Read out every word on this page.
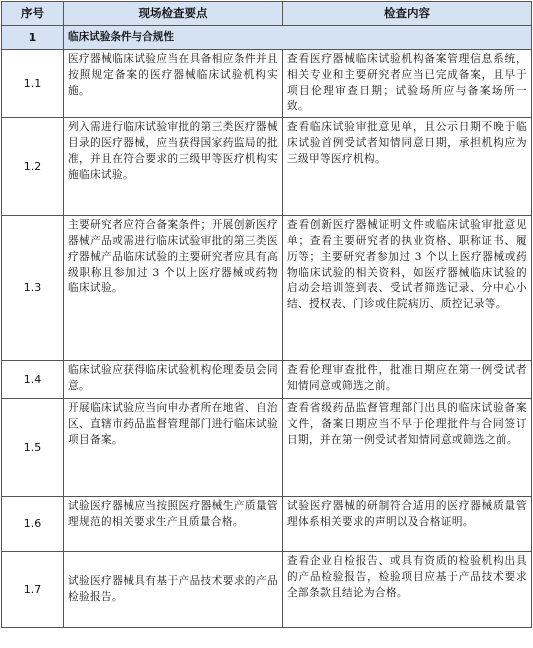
序号	现场检查要点	检查内容
1	临床试验条件与合规性	
1.1	医疗器械临床试验应当在具备相应条件并且按照规定备案的医疗器械临床试验机构实施。	查看医疗器械临床试验机构备案管理信息系统，相关专业和主要研究者应当已完成备案，且早于项目伦理审查日期；试验场所应与备案场所一致。
1.2	列入需进行临床试验审批的第三类医疗器械目录的医疗器械，应当获得国家药监局的批准，并且在符合要求的三级甲等医疗机构实施临床试验。	查看临床试验审批意见单，且公示日期不晚于临床试验首例受试者知情同意日期，承担机构应为三级甲等医疗机构。
1.3	主要研究者应符合备案条件；开展创新医疗器械产品或需进行临床试验审批的第三类医疗器械产品临床试验的主要研究者应具有高级职称且参加过 3 个以上医疗器械或药物临床试验。	查看创新医疗器械证明文件或临床试验审批意见单；查看主要研究者的执业资格、职称证书、履历等；主要研究者参加过 3 个以上医疗器械或药物临床试验的相关资料，如医疗器械临床试验的启动会培训签到表、受试者筛选记录、分中心小结、授权表、门诊或住院病历、质控记录等。
1.4	临床试验应获得临床试验机构伦理委员会同意。	查看伦理审查批件，批准日期应在第一例受试者知情同意或筛选之前。
1.5	开展临床试验应当向申办者所在地省、自治区、直辖市药品监督管理部门进行临床试验项目备案。	查看省级药品监督管理部门出具的临床试验备案文件，备案日期应当不早于伦理批件与合同签订日期，并在第一例受试者知情同意或筛选之前。
1.6	试验医疗器械应当按照医疗器械生产质量管理规范的相关要求生产且质量合格。	试验医疗器械的研制符合适用的医疗器械质量管理体系相关要求的声明以及合格证明。
1.7	试验医疗器械具有基于产品技术要求的产品检验报告。	查看企业自检报告、或具有资质的检验机构出具的产品检验报告，检验项目应基于产品技术要求全部条款且结论为合格。
